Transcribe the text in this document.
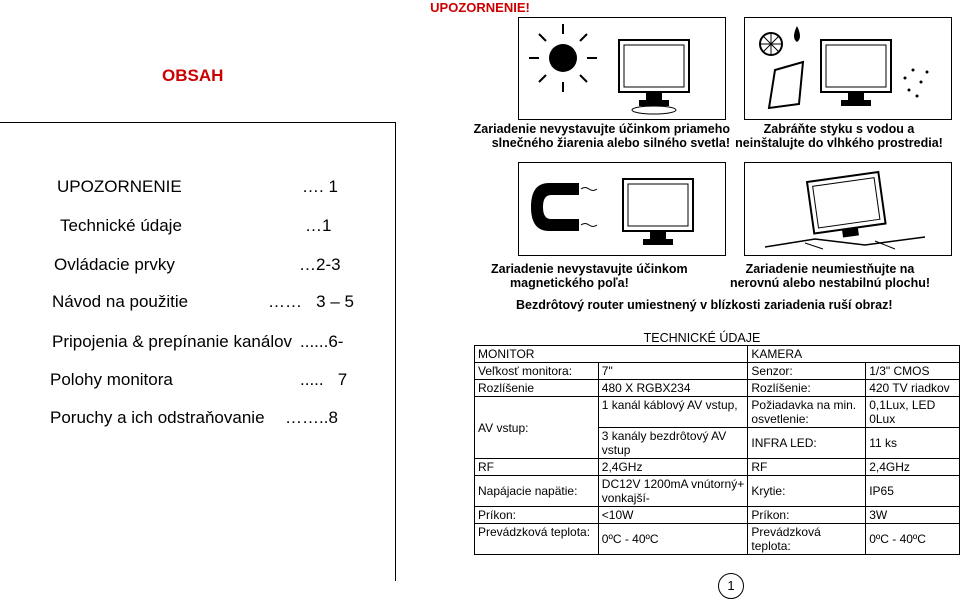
UPOZORNENIE!
OBSAH
UPOZORNENIE	…. 1
Technické údaje	…1
Ovládacie prvky	…2-3
Návod na použitie	……   3 – 5
Pripojenia & prepínanie kanálov ......6-
Polohy monitora	.....   7
Poruchy a ich odstraňovanie ……..8
Zariadenie nevystavujte účinkom priameho
slnečného žiarenia alebo silného svetla!
Zabráňte styku s vodou a
neinštalujte do vlhkého prostredia!
Zariadenie nevystavujte účinkom
magnetického poľa!
Zariadenie neumiestňujte na
nerovnú alebo nestabilnú plochu!
Bezdrôtový router umiestnený v blízkosti zariadenia ruší obraz!
TECHNICKÉ ÚDAJE
MONITOR		KAMERA	
Veľkosť monitora:	7"	Senzor:	1/3" CMOS
Rozlíšenie	480 X RGBX234	Rozlíšenie:	420 TV riadkov
AV vstup:	1 kanál káblový AV vstup,	Požiadavka na min. osvetlenie:	0,1Lux, LED 0Lux
	3 kanály bezdrôtový AV vstup	INFRA LED:	11 ks
RF	2,4GHz	RF	2,4GHz
Napájacie napätie:	DC12V 1200mA vnútorný+ vonkajší-	Krytie:	IP65
Príkon:	<10W	Príkon:	3W
Prevádzková teplota:	0ºC - 40ºC	Prevádzková teplota:	0ºC - 40ºC
1
